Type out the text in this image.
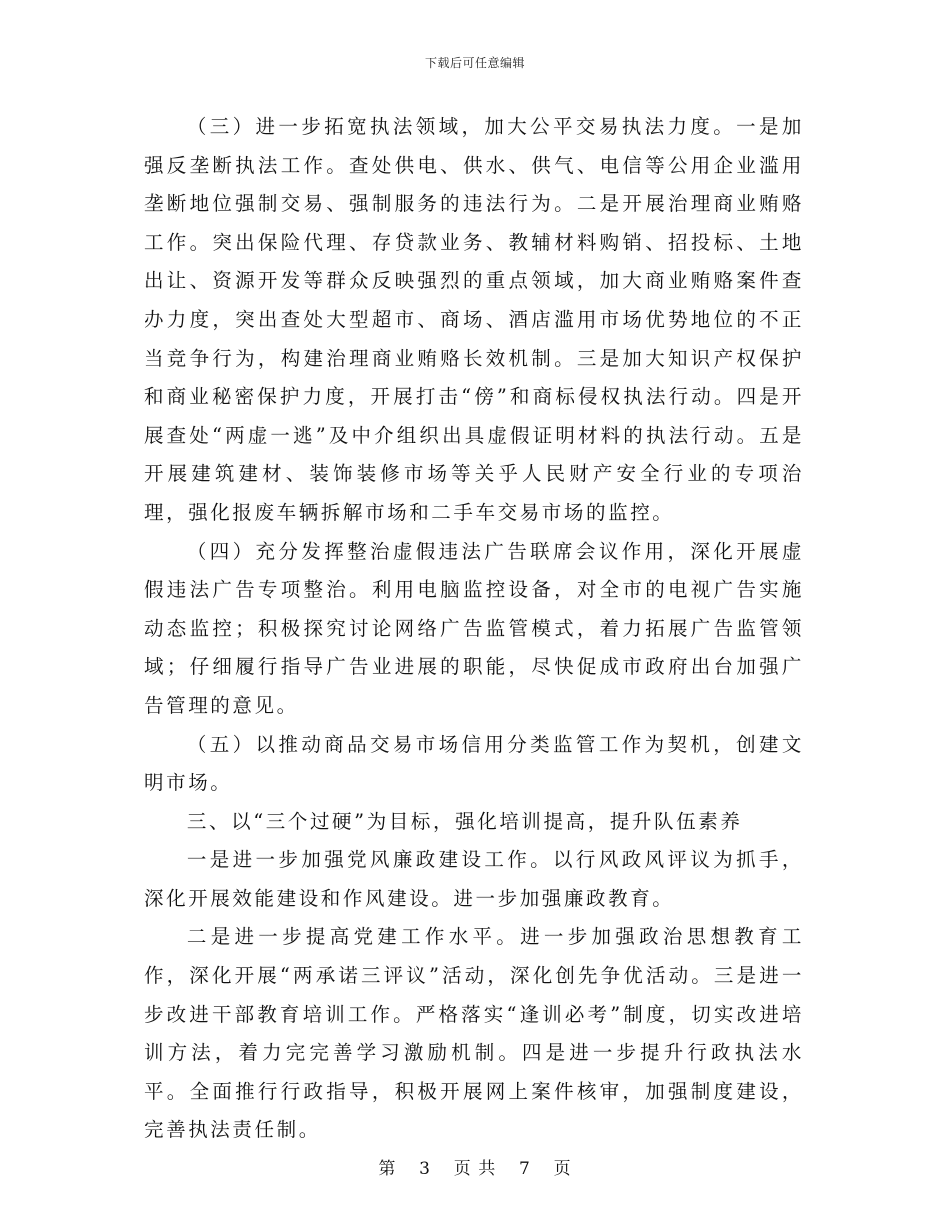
下载后可任意编辑

（三）进一步拓宽执法领域，加大公平交易执法力度。一是加强反垄断执法工作。查处供电、供水、供气、电信等公用企业滥用垄断地位强制交易、强制服务的违法行为。二是开展治理商业贿赂工作。突出保险代理、存贷款业务、教辅材料购销、招投标、土地出让、资源开发等群众反映强烈的重点领域，加大商业贿赂案件查办力度，突出查处大型超市、商场、酒店滥用市场优势地位的不正当竞争行为，构建治理商业贿赂长效机制。三是加大知识产权保护和商业秘密保护力度，开展打击“傍”和商标侵权执法行动。四是开展查处“两虚一逃”及中介组织出具虚假证明材料的执法行动。五是开展建筑建材、装饰装修市场等关乎人民财产安全行业的专项治理，强化报废车辆拆解市场和二手车交易市场的监控。

（四）充分发挥整治虚假违法广告联席会议作用，深化开展虚假违法广告专项整治。利用电脑监控设备，对全市的电视广告实施动态监控；积极探究讨论网络广告监管模式，着力拓展广告监管领域；仔细履行指导广告业进展的职能，尽快促成市政府出台加强广告管理的意见。

（五）以推动商品交易市场信用分类监管工作为契机，创建文明市场。

三、以“三个过硬”为目标，强化培训提高，提升队伍素养

一是进一步加强党风廉政建设工作。以行风政风评议为抓手，深化开展效能建设和作风建设。进一步加强廉政教育。

二是进一步提高党建工作水平。进一步加强政治思想教育工作，深化开展“两承诺三评议”活动，深化创先争优活动。三是进一步改进干部教育培训工作。严格落实“逢训必考”制度，切实改进培训方法，着力完完善学习激励机制。四是进一步提升行政执法水平。全面推行行政指导，积极开展网上案件核审，加强制度建设，完善执法责任制。

第 3 页 共 7 页
